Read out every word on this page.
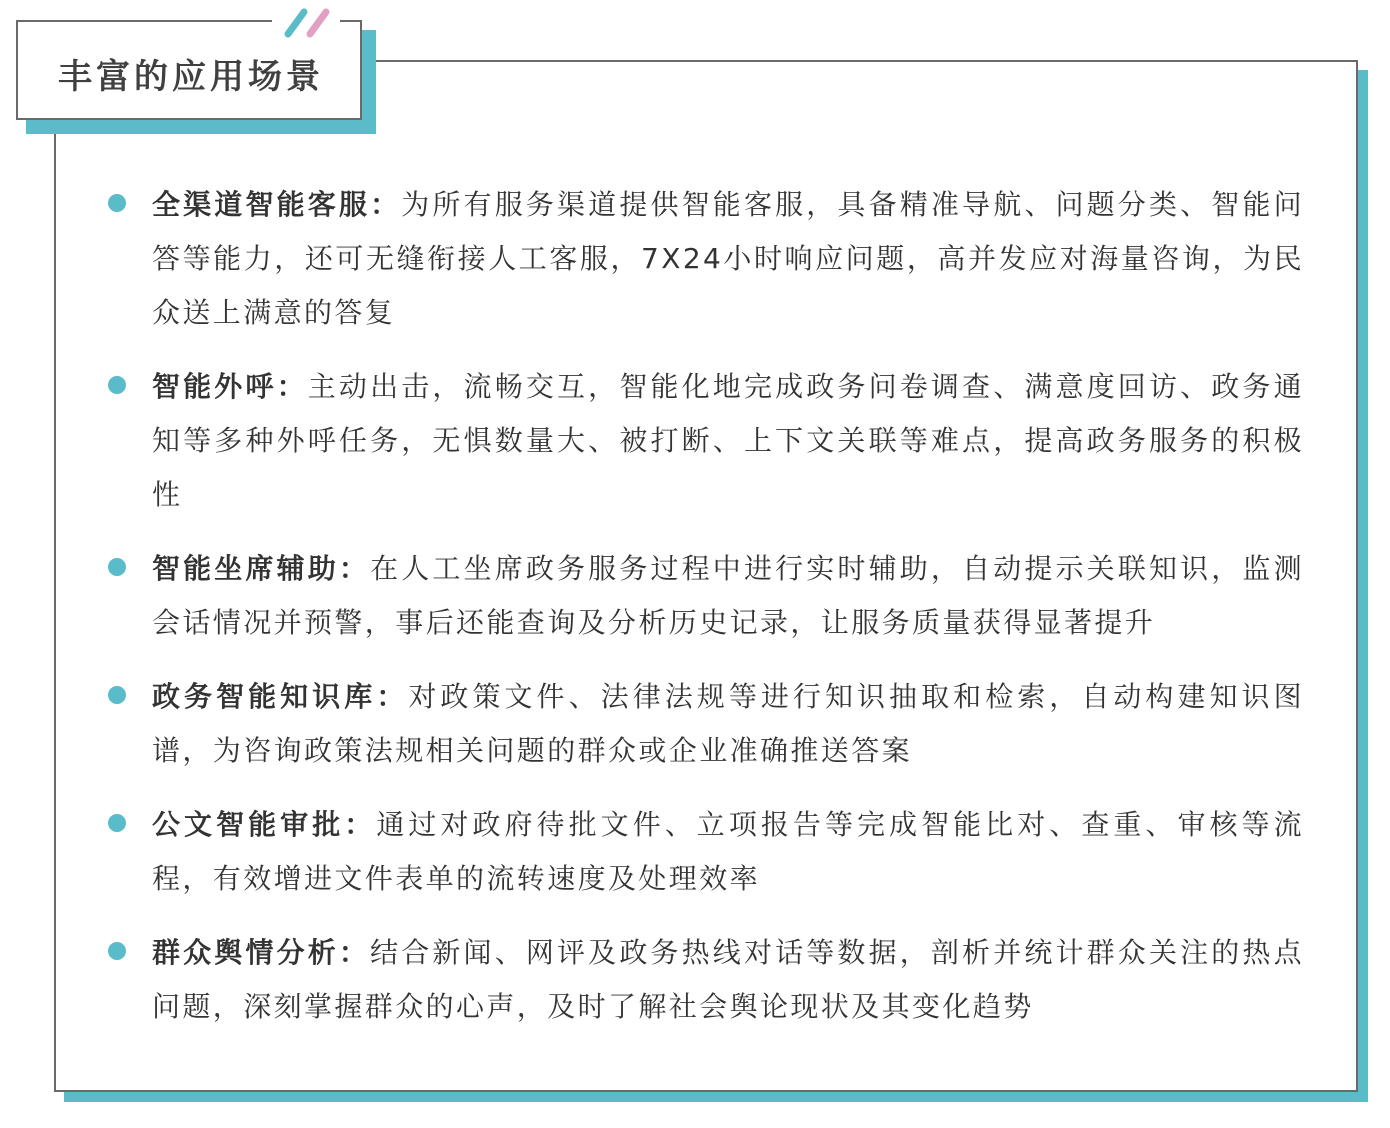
丰富的应用场景
全渠道智能客服：为所有服务渠道提供智能客服，具备精准导航、问题分类、智能问答等能力，还可无缝衔接人工客服，7X24小时响应问题，高并发应对海量咨询，为民众送上满意的答复
智能外呼：主动出击，流畅交互，智能化地完成政务问卷调查、满意度回访、政务通知等多种外呼任务，无惧数量大、被打断、上下文关联等难点，提高政务服务的积极性
智能坐席辅助：在人工坐席政务服务过程中进行实时辅助，自动提示关联知识，监测会话情况并预警，事后还能查询及分析历史记录，让服务质量获得显著提升
政务智能知识库：对政策文件、法律法规等进行知识抽取和检索，自动构建知识图谱，为咨询政策法规相关问题的群众或企业准确推送答案
公文智能审批：通过对政府待批文件、立项报告等完成智能比对、查重、审核等流程，有效增进文件表单的流转速度及处理效率
群众舆情分析：结合新闻、网评及政务热线对话等数据，剖析并统计群众关注的热点问题，深刻掌握群众的心声，及时了解社会舆论现状及其变化趋势
